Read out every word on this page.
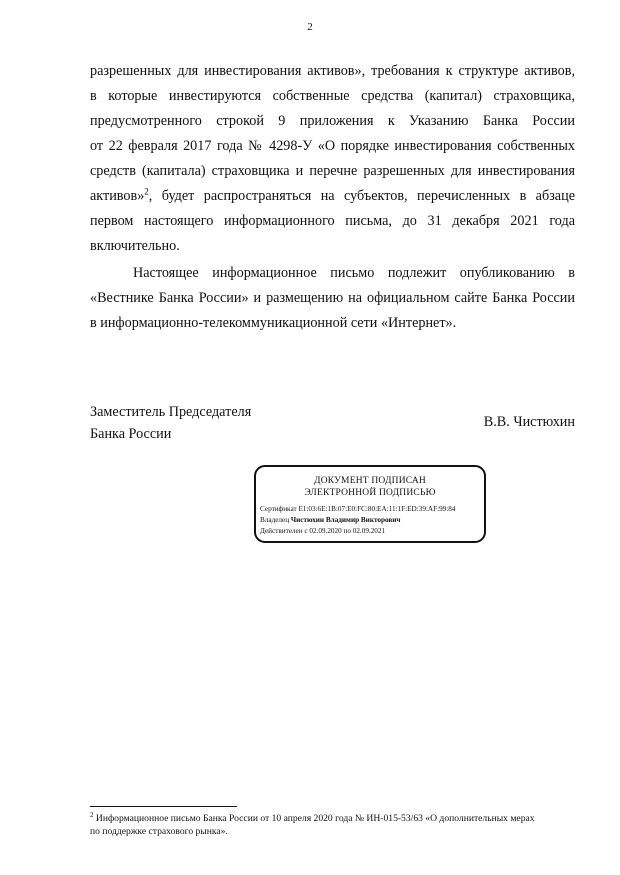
2
разрешенных для инвестирования активов», требования к структуре активов,
в которые инвестируются собственные средства (капитал) страховщика,
предусмотренного строкой 9 приложения к Указанию Банка России
от 22 февраля 2017 года № 4298-У «О порядке инвестирования собственных
средств (капитала) страховщика и перечне разрешенных для инвестирования
активов»$^2$, будет распространяться на субъектов, перечисленных в абзаце
первом настоящего информационного письма, до 31 декабря 2021 года
включительно.
Настоящее информационное письмо подлежит опубликованию в
«Вестнике Банка России» и размещению на официальном сайте Банка России
в информационно-телекоммуникационной сети «Интернет».
Заместитель Председателя
Банка России
В.В. Чистюхин
ДОКУМЕНТ ПОДПИСАН
ЭЛЕКТРОННОЙ ПОДПИСЬЮ
Сертификат E1:03:6E:1B:07:E0:FC:80:EA:11:1F:ED:39:AF:99:84
Владелец Чистюхин Владимир Викторович
Действителен с 02.09.2020 по 02.09.2021
$^2$ Информационное письмо Банка России от 10 апреля 2020 года № ИН-015-53/63 «О дополнительных мерах
по поддержке страхового рынка».
